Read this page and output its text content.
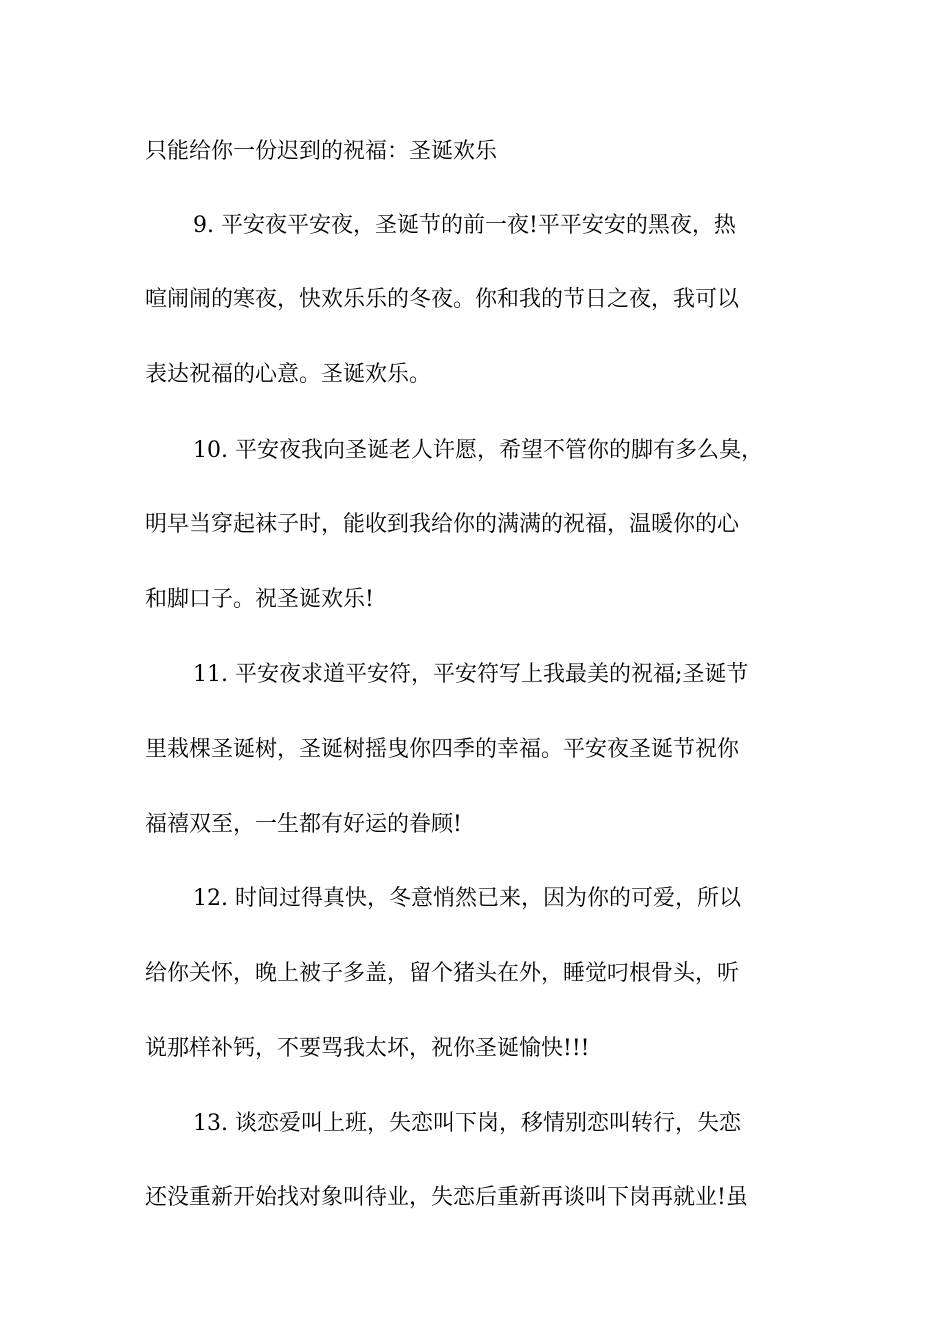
只能给你一份迟到的祝福：圣诞欢乐
9. 平安夜平安夜，圣诞节的前一夜!平平安安的黑夜，热
喧闹闹的寒夜，快欢乐乐的冬夜。你和我的节日之夜，我可以
表达祝福的心意。圣诞欢乐。
10. 平安夜我向圣诞老人许愿，希望不管你的脚有多么臭，
明早当穿起袜子时，能收到我给你的满满的祝福，温暖你的心
和脚口子。祝圣诞欢乐!
11. 平安夜求道平安符，平安符写上我最美的祝福;圣诞节
里栽棵圣诞树，圣诞树摇曳你四季的幸福。平安夜圣诞节祝你
福禧双至，一生都有好运的眷顾!
12. 时间过得真快，冬意悄然已来，因为你的可爱，所以
给你关怀，晚上被子多盖，留个猪头在外，睡觉叼根骨头，听
说那样补钙，不要骂我太坏，祝你圣诞愉快!!!
13. 谈恋爱叫上班，失恋叫下岗，移情别恋叫转行，失恋
还没重新开始找对象叫待业，失恋后重新再谈叫下岗再就业!虽
